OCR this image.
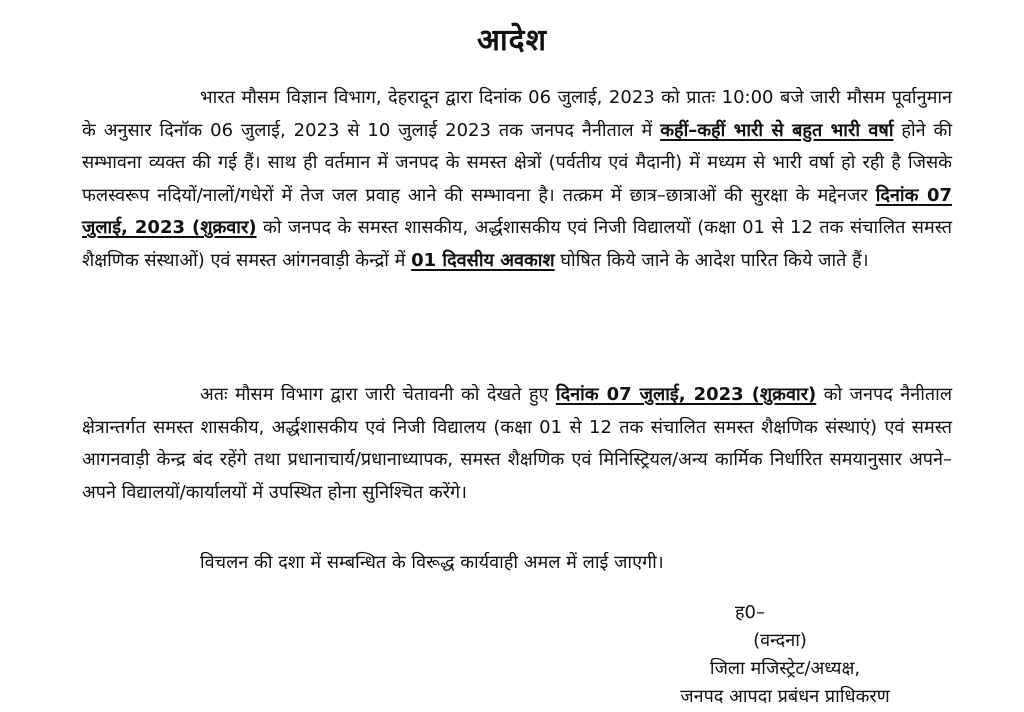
आदेश
भारत मौसम विज्ञान विभाग, देहरादून द्वारा दिनांक 06 जुलाई, 2023 को प्रातः 10:00 बजे जारी मौसम पूर्वानुमान के अनुसार दिनॉक 06 जुलाई, 2023 से 10 जुलाई 2023 तक जनपद नैनीताल में कहीं–कहीं भारी से बहुत भारी वर्षा होने की सम्भावना व्यक्त की गई हैं। साथ ही वर्तमान में जनपद के समस्त क्षेत्रों (पर्वतीय एवं मैदानी) में मध्यम से भारी वर्षा हो रही है जिसके फलस्वरूप नदियों/नालों/गधेरों में तेज जल प्रवाह आने की सम्भावना है। तत्क्रम में छात्र–छात्राओं की सुरक्षा के मद्देनजर दिनांक 07 जुलाई, 2023 (शुक्रवार) को जनपद के समस्त शासकीय, अर्द्धशासकीय एवं निजी विद्यालयों (कक्षा 01 से 12 तक संचालित समस्त शैक्षणिक संस्थाओं) एवं समस्त आंगनवाड़ी केन्द्रों में 01 दिवसीय अवकाश घोषित किये जाने के आदेश पारित किये जाते हैं।
अतः मौसम विभाग द्वारा जारी चेतावनी को देखते हुए दिनांक 07 जुलाई, 2023 (शुक्रवार) को जनपद नैनीताल क्षेत्रान्तर्गत समस्त शासकीय, अर्द्धशासकीय एवं निजी विद्यालय (कक्षा 01 से 12 तक संचालित समस्त शैक्षणिक संस्थाएं) एवं समस्त आगनवाड़ी केन्द्र बंद रहेंगे तथा प्रधानाचार्य/प्रधानाध्यापक, समस्त शैक्षणिक एवं मिनिस्ट्रियल/अन्य कार्मिक निर्धारित समयानुसार अपने–अपने विद्यालयों/कार्यालयों में उपस्थित होना सुनिश्चित करेंगे।
विचलन की दशा में सम्बन्धित के विरूद्ध कार्यवाही अमल में लाई जाएगी।
ह0–
(वन्दना)
जिला मजिस्ट्रेट/अध्यक्ष,
जनपद आपदा प्रबंधन प्राधिकरण
